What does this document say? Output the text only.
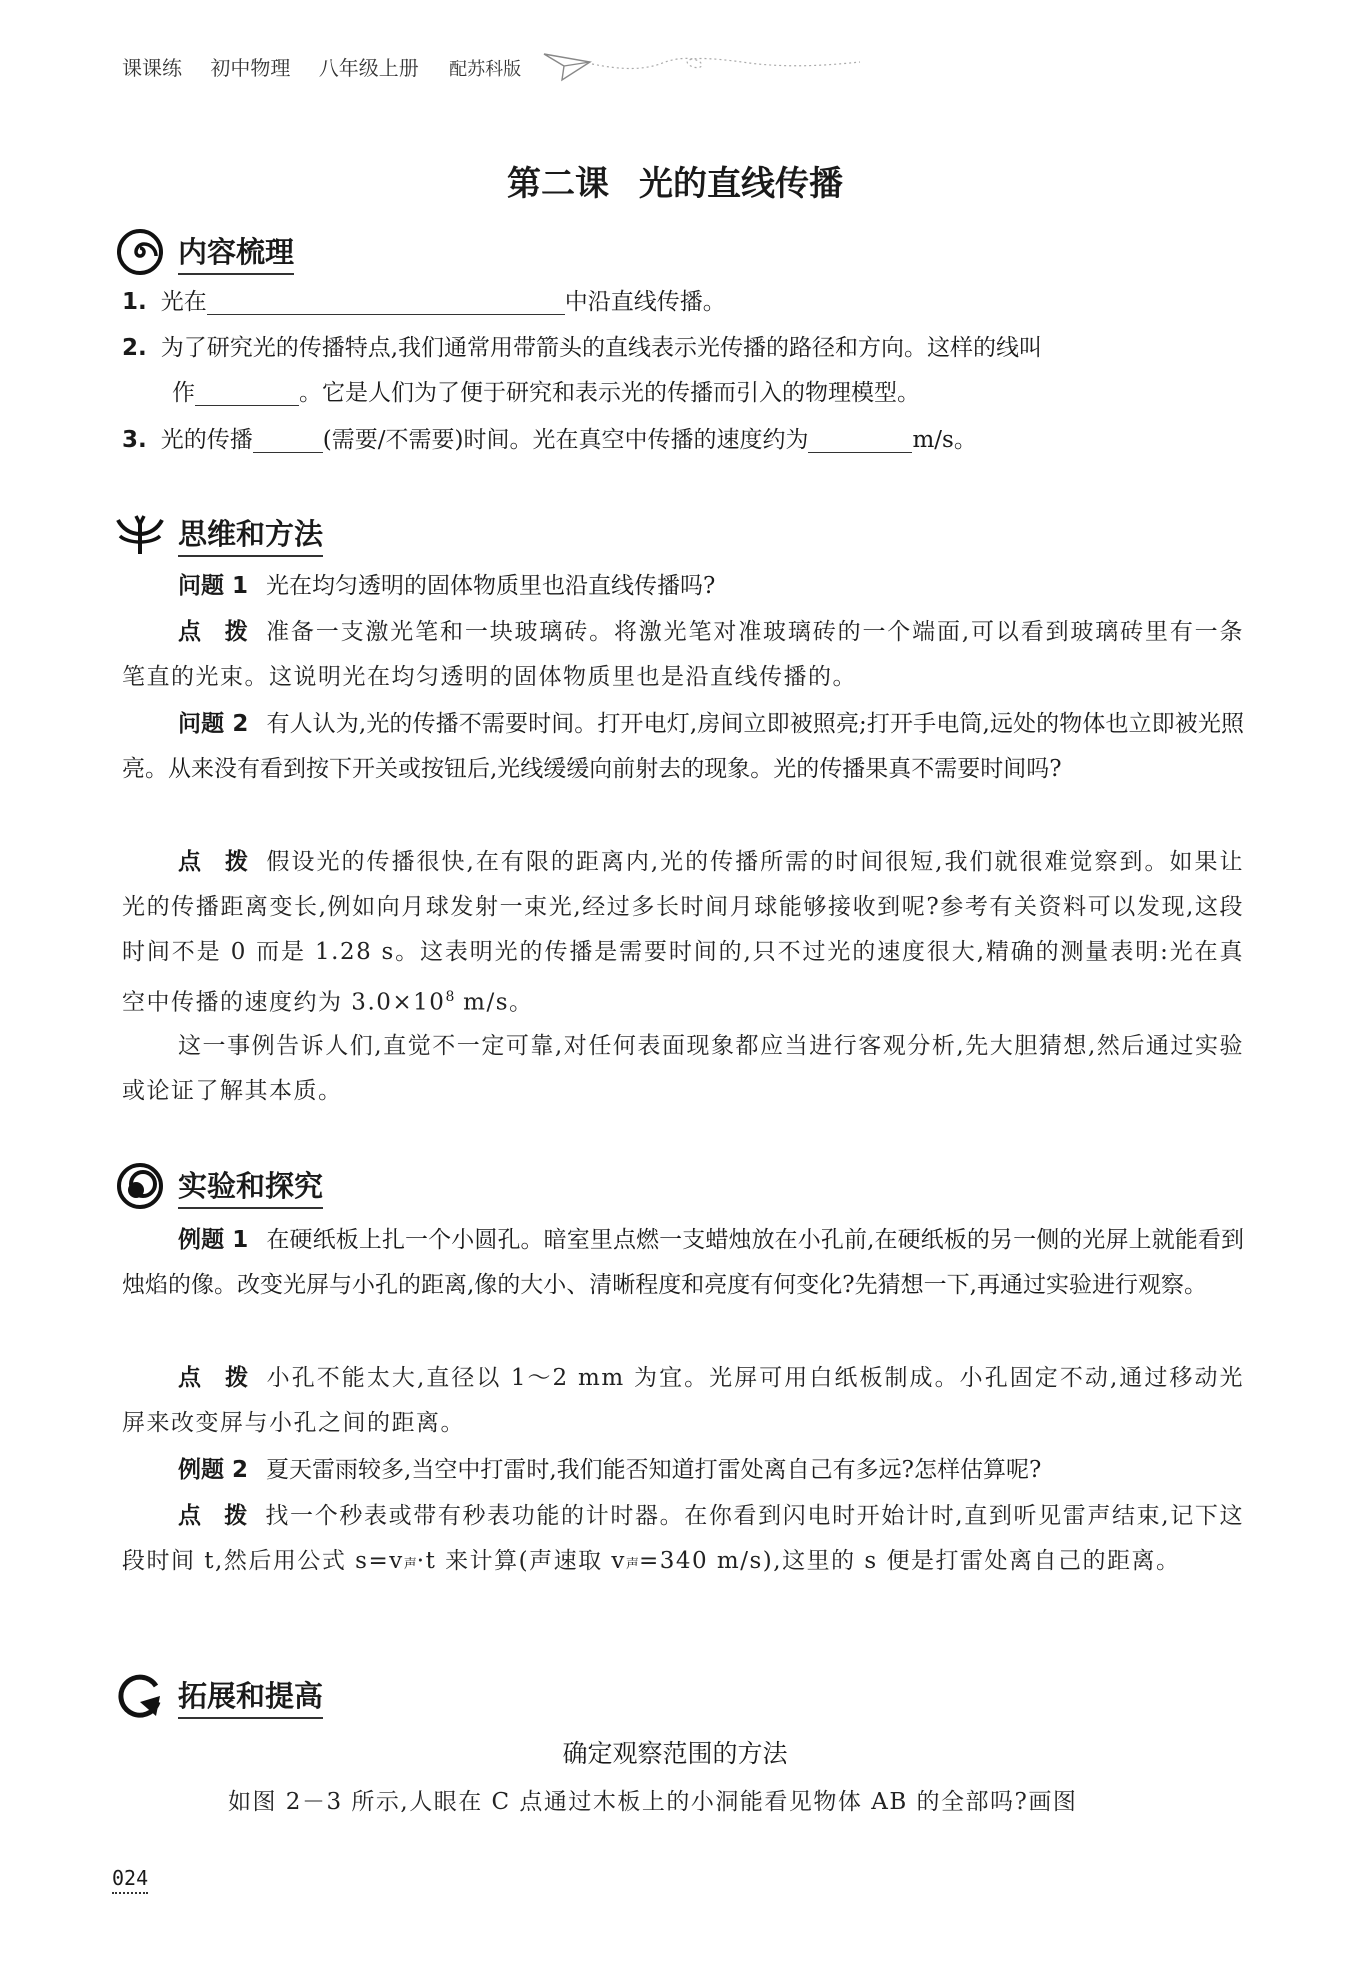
课课练 初中物理 八年级上册 配苏科版
第二课 光的直线传播
内容梳理
1. 光在	中沿直线传播。
2. 为了研究光的传播特点,我们通常用带箭头的直线表示光传播的路径和方向。这样的线叫
作	。它是人们为了便于研究和表示光的传播而引入的物理模型。
3. 光的传播	(需要/不需要)时间。光在真空中传播的速度约为	m/s。
思维和方法
问题 1 光在均匀透明的固体物质里也沿直线传播吗?
点　拨 准备一支激光笔和一块玻璃砖。将激光笔对准玻璃砖的一个端面,可以看到玻璃砖里有一条笔直的光束。这说明光在均匀透明的固体物质里也是沿直线传播的。
问题 2 有人认为,光的传播不需要时间。打开电灯,房间立即被照亮;打开手电筒,远处的物体也立即被光照亮。从来没有看到按下开关或按钮后,光线缓缓向前射去的现象。光的传播果真不需要时间吗?
点　拨 假设光的传播很快,在有限的距离内,光的传播所需的时间很短,我们就很难觉察到。如果让光的传播距离变长,例如向月球发射一束光,经过多长时间月球能够接收到呢?参考有关资料可以发现,这段时间不是 0 而是 1.28 s。这表明光的传播是需要时间的,只不过光的速度很大,精确的测量表明:光在真空中传播的速度约为 $3.0\times 10^8$ m/s。
这一事例告诉人们,直觉不一定可靠,对任何表面现象都应当进行客观分析,先大胆猜想,然后通过实验或论证了解其本质。
实验和探究
例题 1 在硬纸板上扎一个小圆孔。暗室里点燃一支蜡烛放在小孔前,在硬纸板的另一侧的光屏上就能看到烛焰的像。改变光屏与小孔的距离,像的大小、清晰程度和亮度有何变化?先猜想一下,再通过实验进行观察。
点　拨 小孔不能太大,直径以 1～2 mm 为宜。光屏可用白纸板制成。小孔固定不动,通过移动光屏来改变屏与小孔之间的距离。
例题 2 夏天雷雨较多,当空中打雷时,我们能否知道打雷处离自己有多远?怎样估算呢?
点　拨 找一个秒表或带有秒表功能的计时器。在你看到闪电时开始计时,直到听见雷声结束,记下这段时间 t,然后用公式 s=v声·t 来计算(声速取 v声=340 m/s),这里的 s 便是打雷处离自己的距离。
拓展和提高
确定观察范围的方法
如图 2－3 所示,人眼在 C 点通过木板上的小洞能看见物体 AB 的全部吗?画图
024
